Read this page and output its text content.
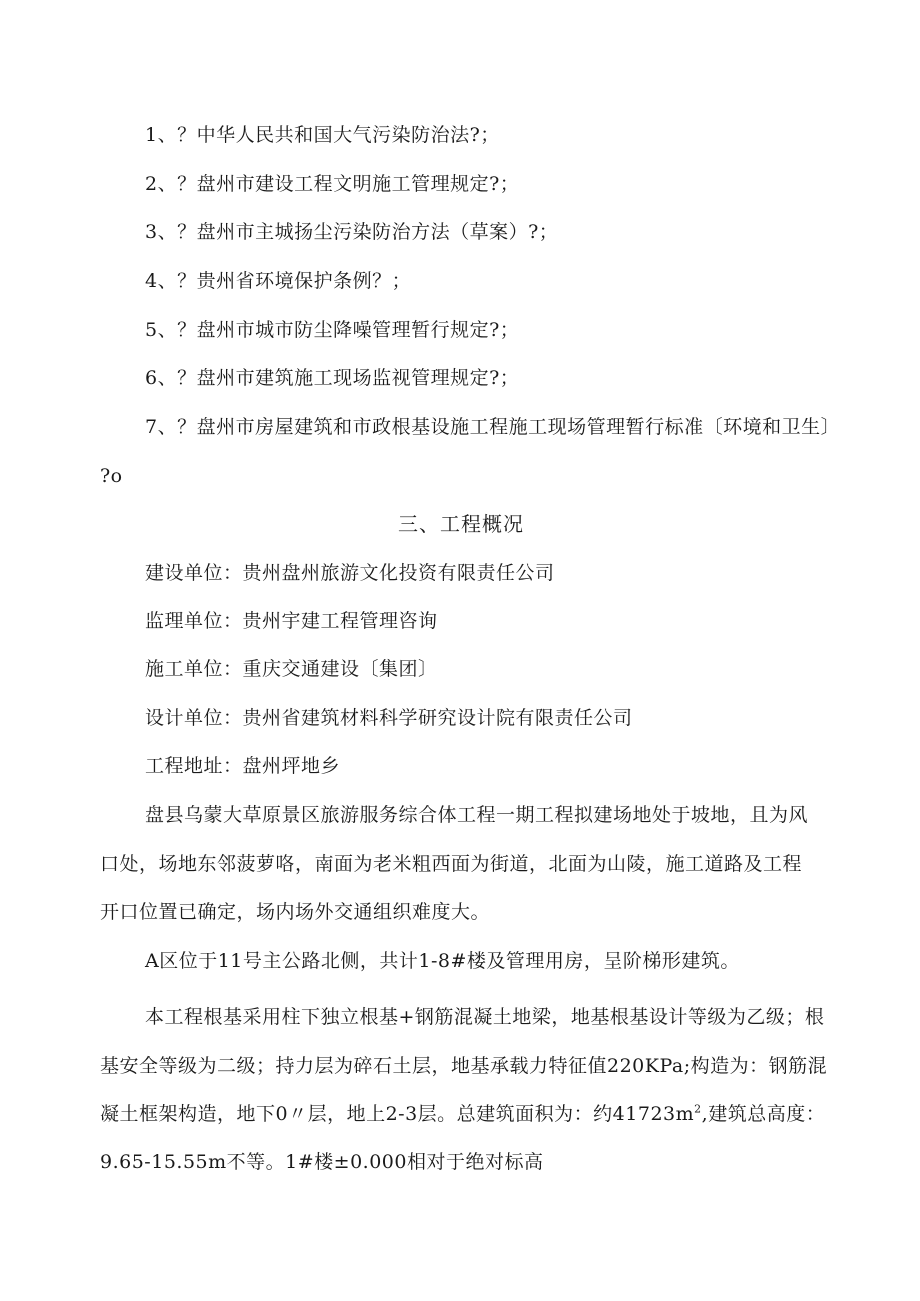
1、？中华人民共和国大气污染防治法?；
2、？盘州市建设工程文明施工管理规定?；
3、？盘州市主城扬尘污染防治方法（草案）?；
4、？贵州省环境保护条例？；
5、？盘州市城市防尘降噪管理暂行规定?；
6、？盘州市建筑施工现场监视管理规定?；
7、？盘州市房屋建筑和市政根基设施工程施工现场管理暂行标准〔环境和卫生〕
?o
三、工程概况
建设单位：贵州盘州旅游文化投资有限责任公司
监理单位：贵州宇建工程管理咨询
施工单位：重庆交通建设〔集团〕
设计单位：贵州省建筑材料科学研究设计院有限责任公司
工程地址：盘州坪地乡
盘县乌蒙大草原景区旅游服务综合体工程一期工程拟建场地处于坡地，且为风
口处，场地东邻菠萝咯，南面为老米粗西面为街道，北面为山陵，施工道路及工程
开口位置已确定，场内场外交通组织难度大。
A区位于11号主公路北侧，共计1-8#楼及管理用房，呈阶梯形建筑。
本工程根基采用柱下独立根基+钢筋混凝土地梁，地基根基设计等级为乙级；根
基安全等级为二级；持力层为碎石土层，地基承载力特征值220KPa;构造为：钢筋混
凝土框架构造，地下0〃层，地上2-3层。总建筑面积为：约$41723m^2$,建筑总高度：
9.65-15.55m不等。1#楼±0.000相对于绝对标高
